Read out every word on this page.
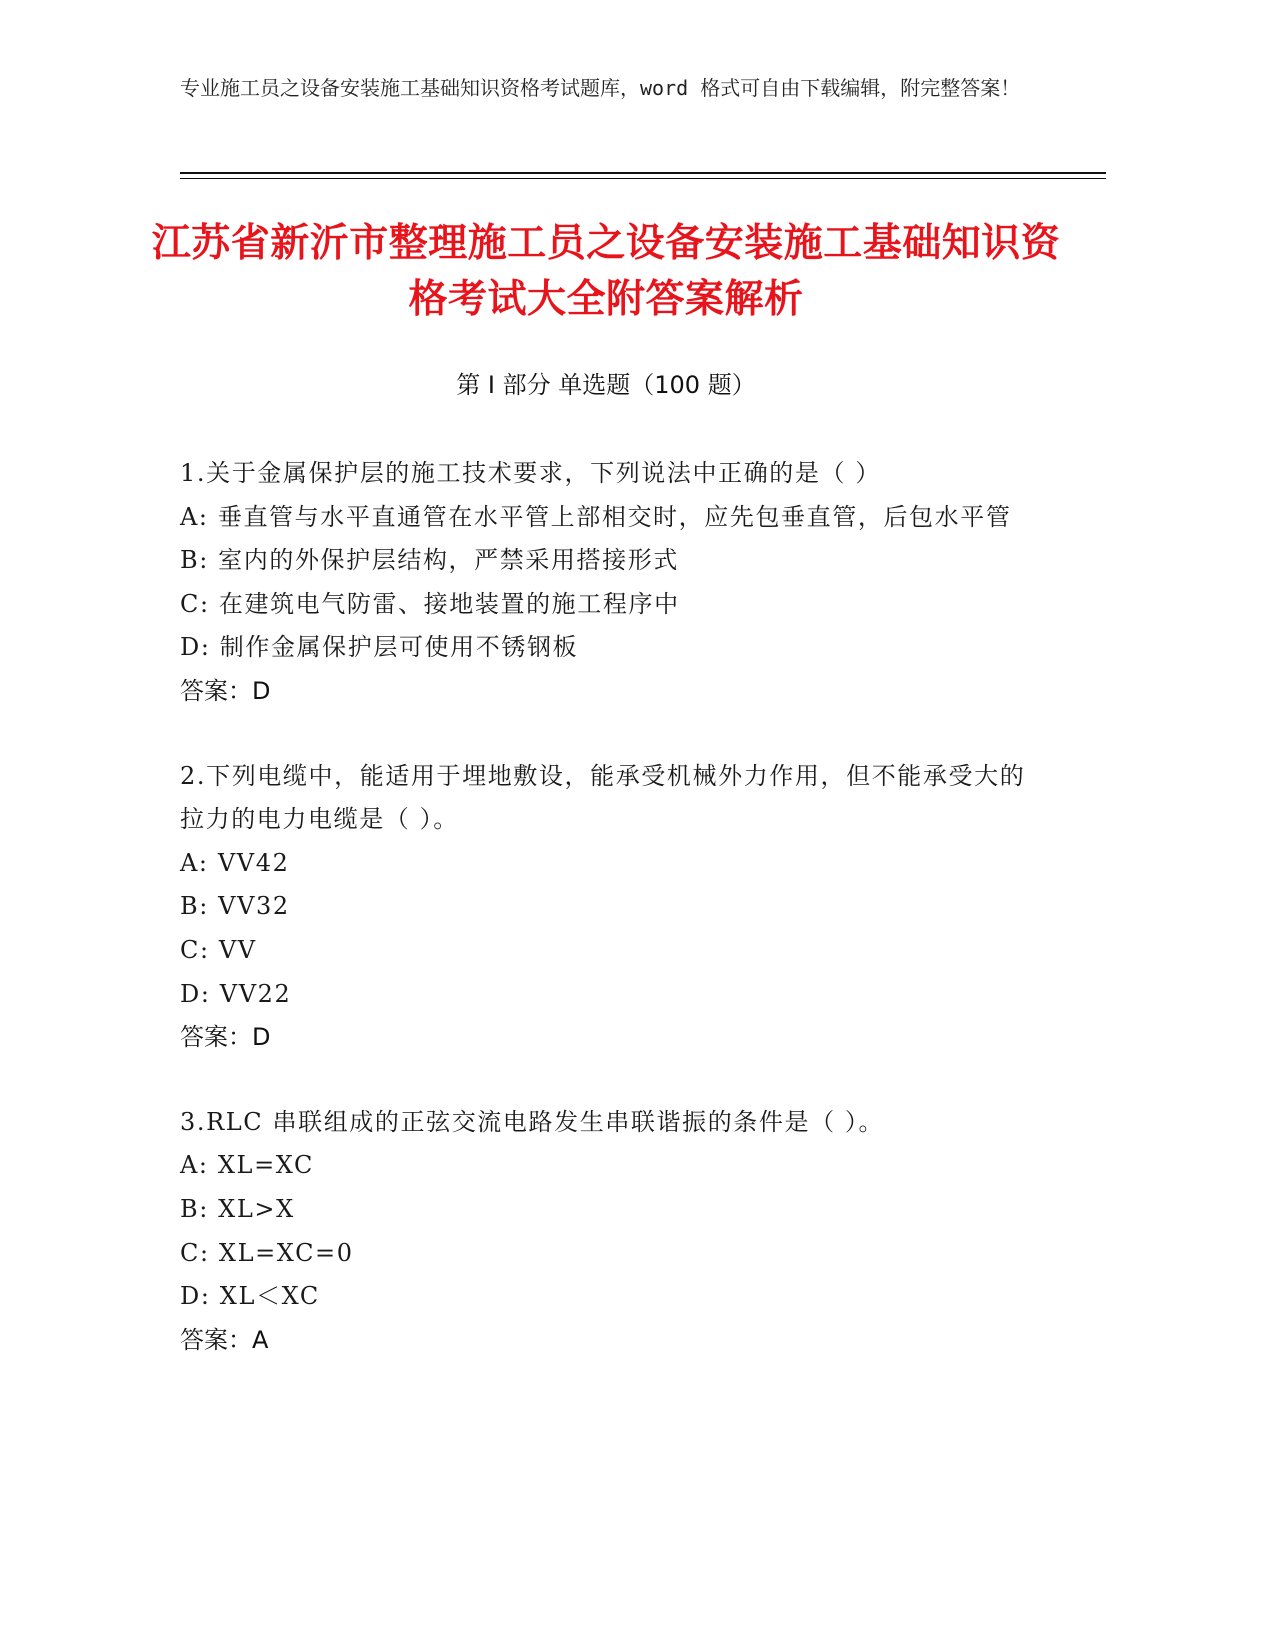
专业施工员之设备安装施工基础知识资格考试题库，word 格式可自由下载编辑，附完整答案！
江苏省新沂市整理施工员之设备安装施工基础知识资格考试大全附答案解析
第 I 部分 单选题（100 题）
1.关于金属保护层的施工技术要求，下列说法中正确的是（ ）
A: 垂直管与水平直通管在水平管上部相交时，应先包垂直管，后包水平管
B: 室内的外保护层结构，严禁采用搭接形式
C: 在建筑电气防雷、接地装置的施工程序中
D: 制作金属保护层可使用不锈钢板
答案：D
2.下列电缆中，能适用于埋地敷设，能承受机械外力作用，但不能承受大的拉力的电力电缆是（ ）。
A: VV42
B: VV32
C: VV
D: VV22
答案：D
3.RLC 串联组成的正弦交流电路发生串联谐振的条件是（ ）。
A: XL=XC
B: XL>X
C: XL=XC=0
D: XL＜XC
答案：A
